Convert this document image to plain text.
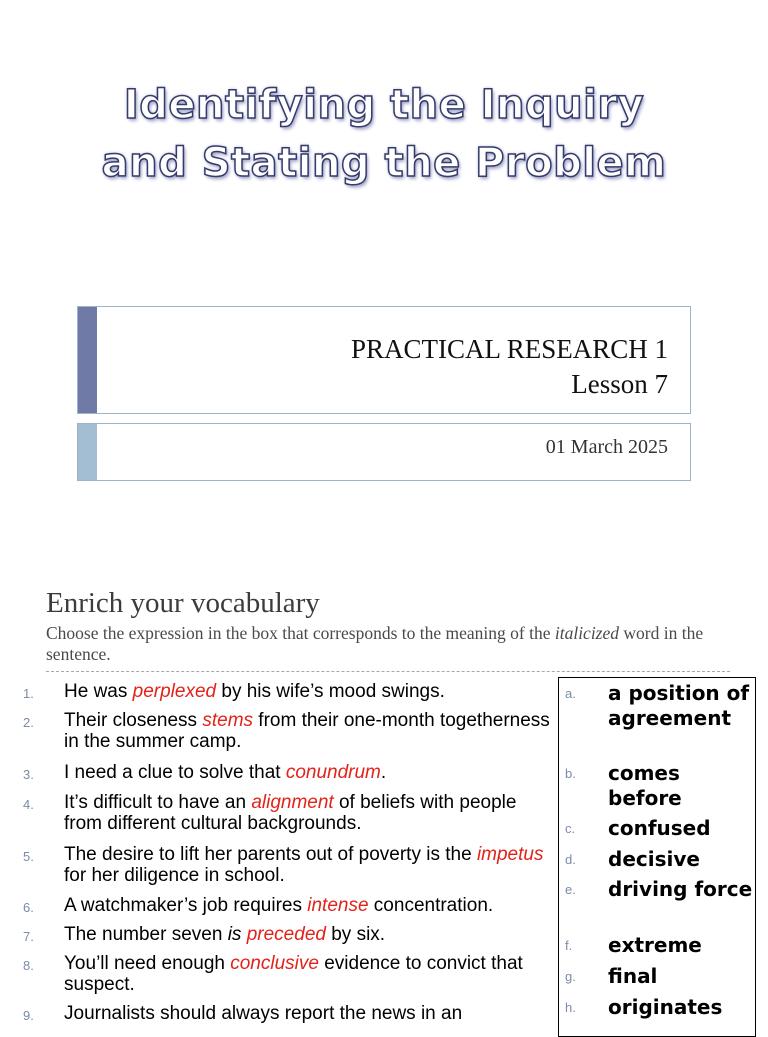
Identifying the Inquiry
and Stating the Problem
PRACTICAL RESEARCH 1
Lesson 7
01 March 2025
Enrich your vocabulary
Choose the expression in the box that corresponds to the meaning of the italicized word in the sentence.
1. He was perplexed by his wife’s mood swings.
2. Their closeness stems from their one-month togetherness in the summer camp.
3. I need a clue to solve that conundrum.
4. It’s difficult to have an alignment of beliefs with people from different cultural backgrounds.
5. The desire to lift her parents out of poverty is the impetus for her diligence in school.
6. A watchmaker’s job requires intense concentration.
7. The number seven is preceded by six.
8. You’ll need enough conclusive evidence to convict that suspect.
9. Journalists should always report the news in an
a. a position of agreement
b. comes before
c. confused
d. decisive
e. driving force
f. extreme
g. final
h. originates
